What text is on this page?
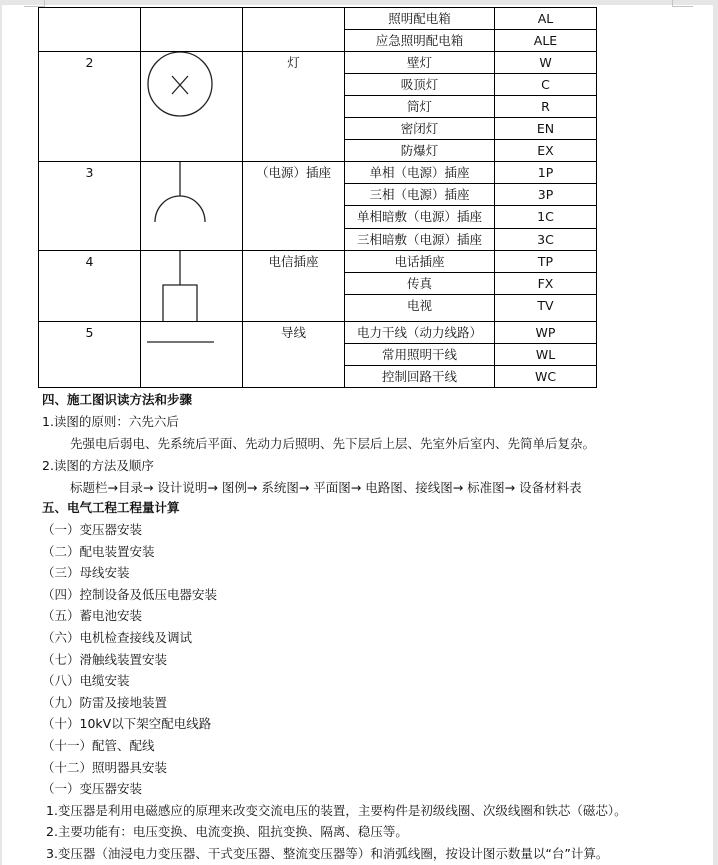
			照明配电箱	AL
			应急照明配电箱	ALE
2		灯	壁灯	W
			吸顶灯	C
			筒灯	R
			密闭灯	EN
			防爆灯	EX
3		（电源）插座	单相（电源）插座	1P
			三相（电源）插座	3P
			单相暗敷（电源）插座	1C
			三相暗敷（电源）插座	3C
4		电信插座	电话插座	TP
			传真	FX
			电视	TV
5		导线	电力干线（动力线路）	WP
			常用照明干线	WL
			控制回路干线	WC
四、施工图识读方法和步骤
1.读图的原则：六先六后
先强电后弱电、先系统后平面、先动力后照明、先下层后上层、先室外后室内、先简单后复杂。
2.读图的方法及顺序
标题栏→目录→ 设计说明→ 图例→ 系统图→ 平面图→ 电路图、接线图→ 标准图→ 设备材料表
五、电气工程工程量计算
（一）变压器安装
（二）配电装置安装
（三）母线安装
（四）控制设备及低压电器安装
（五）蓄电池安装
（六）电机检查接线及调试
（七）滑触线装置安装
（八）电缆安装
（九）防雷及接地装置
（十）10kV以下架空配电线路
（十一）配管、配线
（十二）照明器具安装
（一）变压器安装
1.变压器是利用电磁感应的原理来改变交流电压的装置，主要构件是初级线圈、次级线圈和铁芯（磁芯）。
2.主要功能有：电压变换、电流变换、阻抗变换、隔离、稳压等。
3.变压器（油浸电力变压器、干式变压器、整流变压器等）和消弧线圈，按设计图示数量以“台”计算。
